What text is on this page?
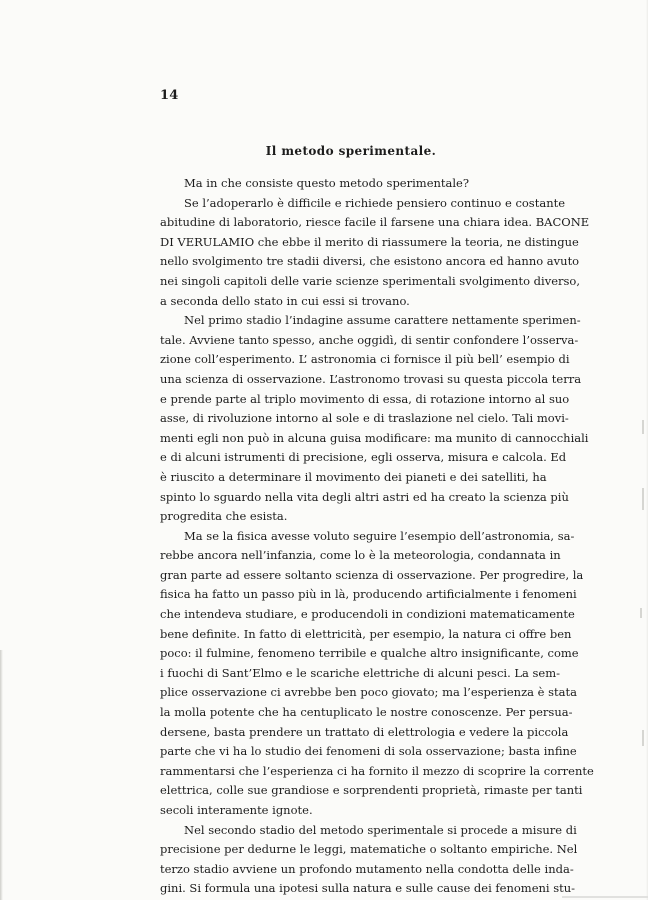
14
Il metodo sperimentale.
Ma in che consiste questo metodo sperimentale?
Se l’adoperarlo è difficile e richiede pensiero continuo e costante
abitudine di laboratorio, riesce facile il farsene una chiara idea. BACONE
DI VERULAMIO che ebbe il merito di riassumere la teoria, ne distingue
nello svolgimento tre stadii diversi, che esistono ancora ed hanno avuto
nei singoli capitoli delle varie scienze sperimentali svolgimento diverso,
a seconda dello stato in cui essi si trovano.
Nel primo stadio l’indagine assume carattere nettamente sperimen-
tale. Avviene tanto spesso, anche oggidì, di sentir confondere l’osserva-
zione coll’esperimento. L’ astronomia ci fornisce il più bell’ esempio di
una scienza di osservazione. L’astronomo trovasi su questa piccola terra
e prende parte al triplo movimento di essa, di rotazione intorno al suo
asse, di rivoluzione intorno al sole e di traslazione nel cielo. Tali movi-
menti egli non può in alcuna guisa modificare: ma munito di cannocchiali
e di alcuni istrumenti di precisione, egli osserva, misura e calcola. Ed
è riuscito a determinare il movimento dei pianeti e dei satelliti, ha
spinto lo sguardo nella vita degli altri astri ed ha creato la scienza più
progredita che esista.
Ma se la fisica avesse voluto seguire l’esempio dell’astronomia, sa-
rebbe ancora nell’infanzia, come lo è la meteorologia, condannata in
gran parte ad essere soltanto scienza di osservazione. Per progredire, la
fisica ha fatto un passo più in là, producendo artificialmente i fenomeni
che intendeva studiare, e producendoli in condizioni matematicamente
bene definite. In fatto di elettricità, per esempio, la natura ci offre ben
poco: il fulmine, fenomeno terribile e qualche altro insignificante, come
i fuochi di Sant’Elmo e le scariche elettriche di alcuni pesci. La sem-
plice osservazione ci avrebbe ben poco giovato; ma l’esperienza è stata
la molla potente che ha centuplicato le nostre conoscenze. Per persua-
dersene, basta prendere un trattato di elettrologia e vedere la piccola
parte che vi ha lo studio dei fenomeni di sola osservazione; basta infine
rammentarsi che l’esperienza ci ha fornito il mezzo di scoprire la corrente
elettrica, colle sue grandiose e sorprendenti proprietà, rimaste per tanti
secoli interamente ignote.
Nel secondo stadio del metodo sperimentale si procede a misure di
precisione per dedurne le leggi, matematiche o soltanto empiriche. Nel
terzo stadio avviene un profondo mutamento nella condotta delle inda-
gini. Si formula una ipotesi sulla natura e sulle cause dei fenomeni stu-
